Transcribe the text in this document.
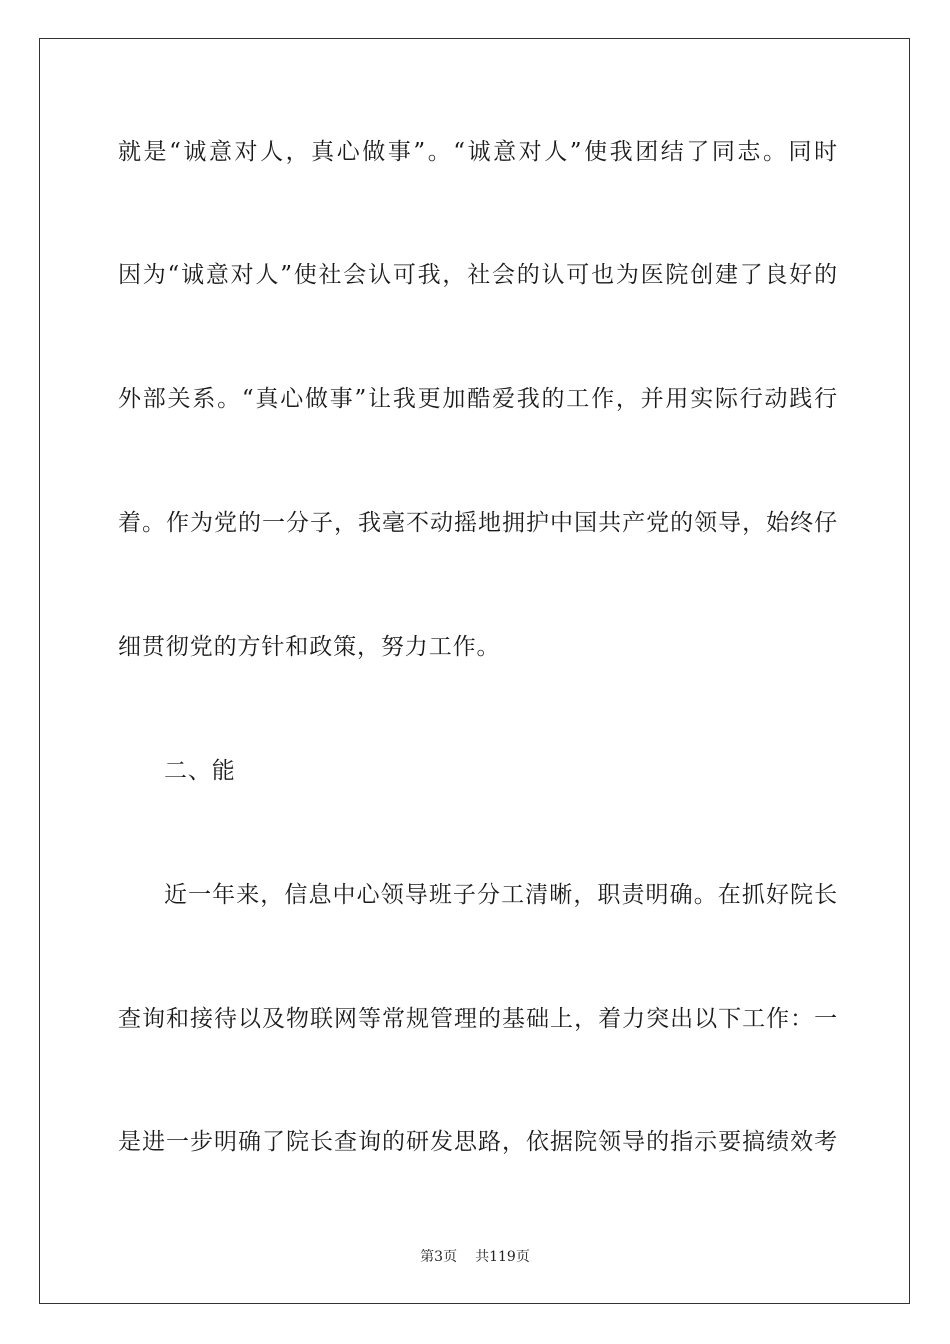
就是“诚意对人，真心做事”。“诚意对人”使我团结了同志。同时
因为“诚意对人”使社会认可我，社会的认可也为医院创建了良好的
外部关系。“真心做事”让我更加酷爱我的工作，并用实际行动践行
着。作为党的一分子，我毫不动摇地拥护中国共产党的领导，始终仔
细贯彻党的方针和政策，努力工作。
二、能
近一年来，信息中心领导班子分工清晰，职责明确。在抓好院长
查询和接待以及物联网等常规管理的基础上，着力突出以下工作：一
是进一步明确了院长查询的研发思路，依据院领导的指示要搞绩效考
第3页 共119页
